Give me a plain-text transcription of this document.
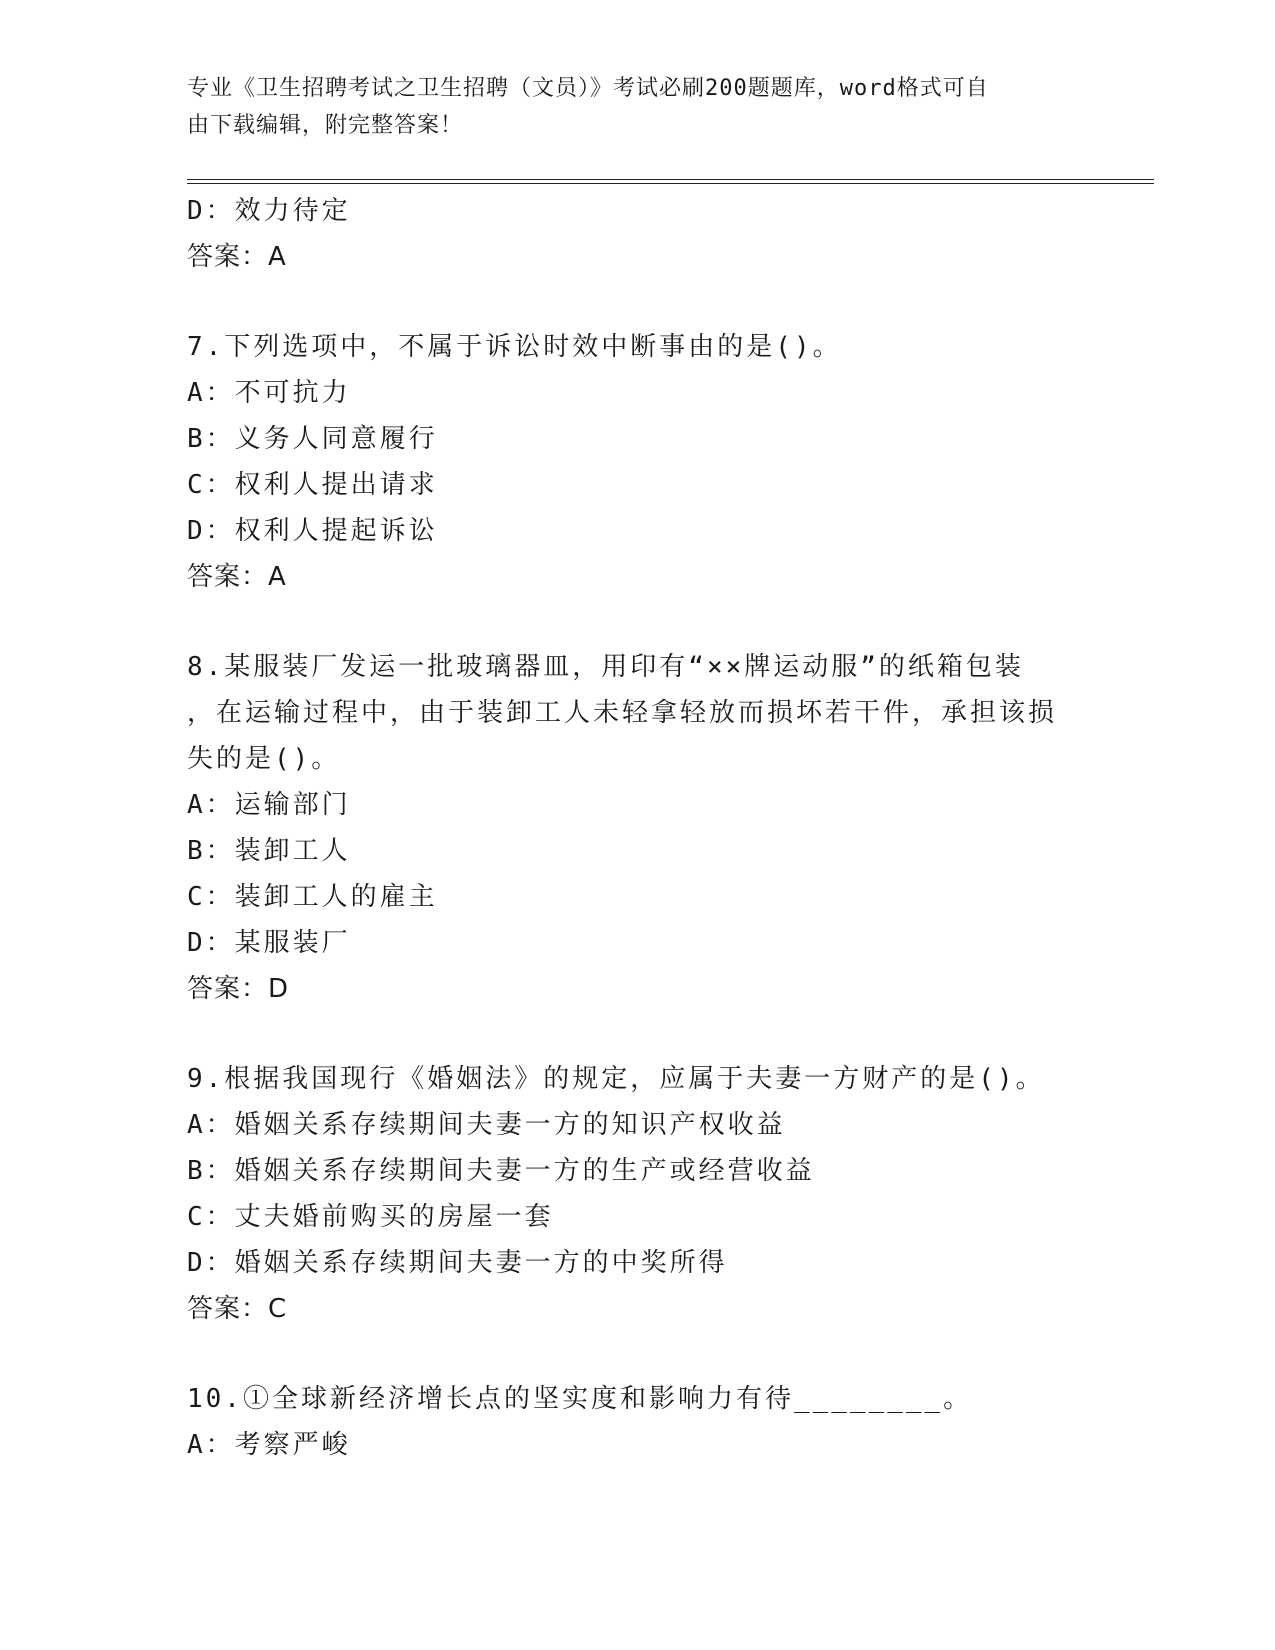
专业《卫生招聘考试之卫生招聘（文员）》考试必刷200题题库，word格式可自
由下载编辑，附完整答案！
D：效力待定
答案：A
7.下列选项中，不属于诉讼时效中断事由的是()。
A：不可抗力
B：义务人同意履行
C：权利人提出请求
D：权利人提起诉讼
答案：A
8.某服装厂发运一批玻璃器皿，用印有“××牌运动服”的纸箱包装
，在运输过程中，由于装卸工人未轻拿轻放而损坏若干件，承担该损
失的是()。
A：运输部门
B：装卸工人
C：装卸工人的雇主
D：某服装厂
答案：D
9.根据我国现行《婚姻法》的规定，应属于夫妻一方财产的是()。
A：婚姻关系存续期间夫妻一方的知识产权收益
B：婚姻关系存续期间夫妻一方的生产或经营收益
C：丈夫婚前购买的房屋一套
D：婚姻关系存续期间夫妻一方的中奖所得
答案：C
10.①全球新经济增长点的坚实度和影响力有待________。
A：考察严峻
